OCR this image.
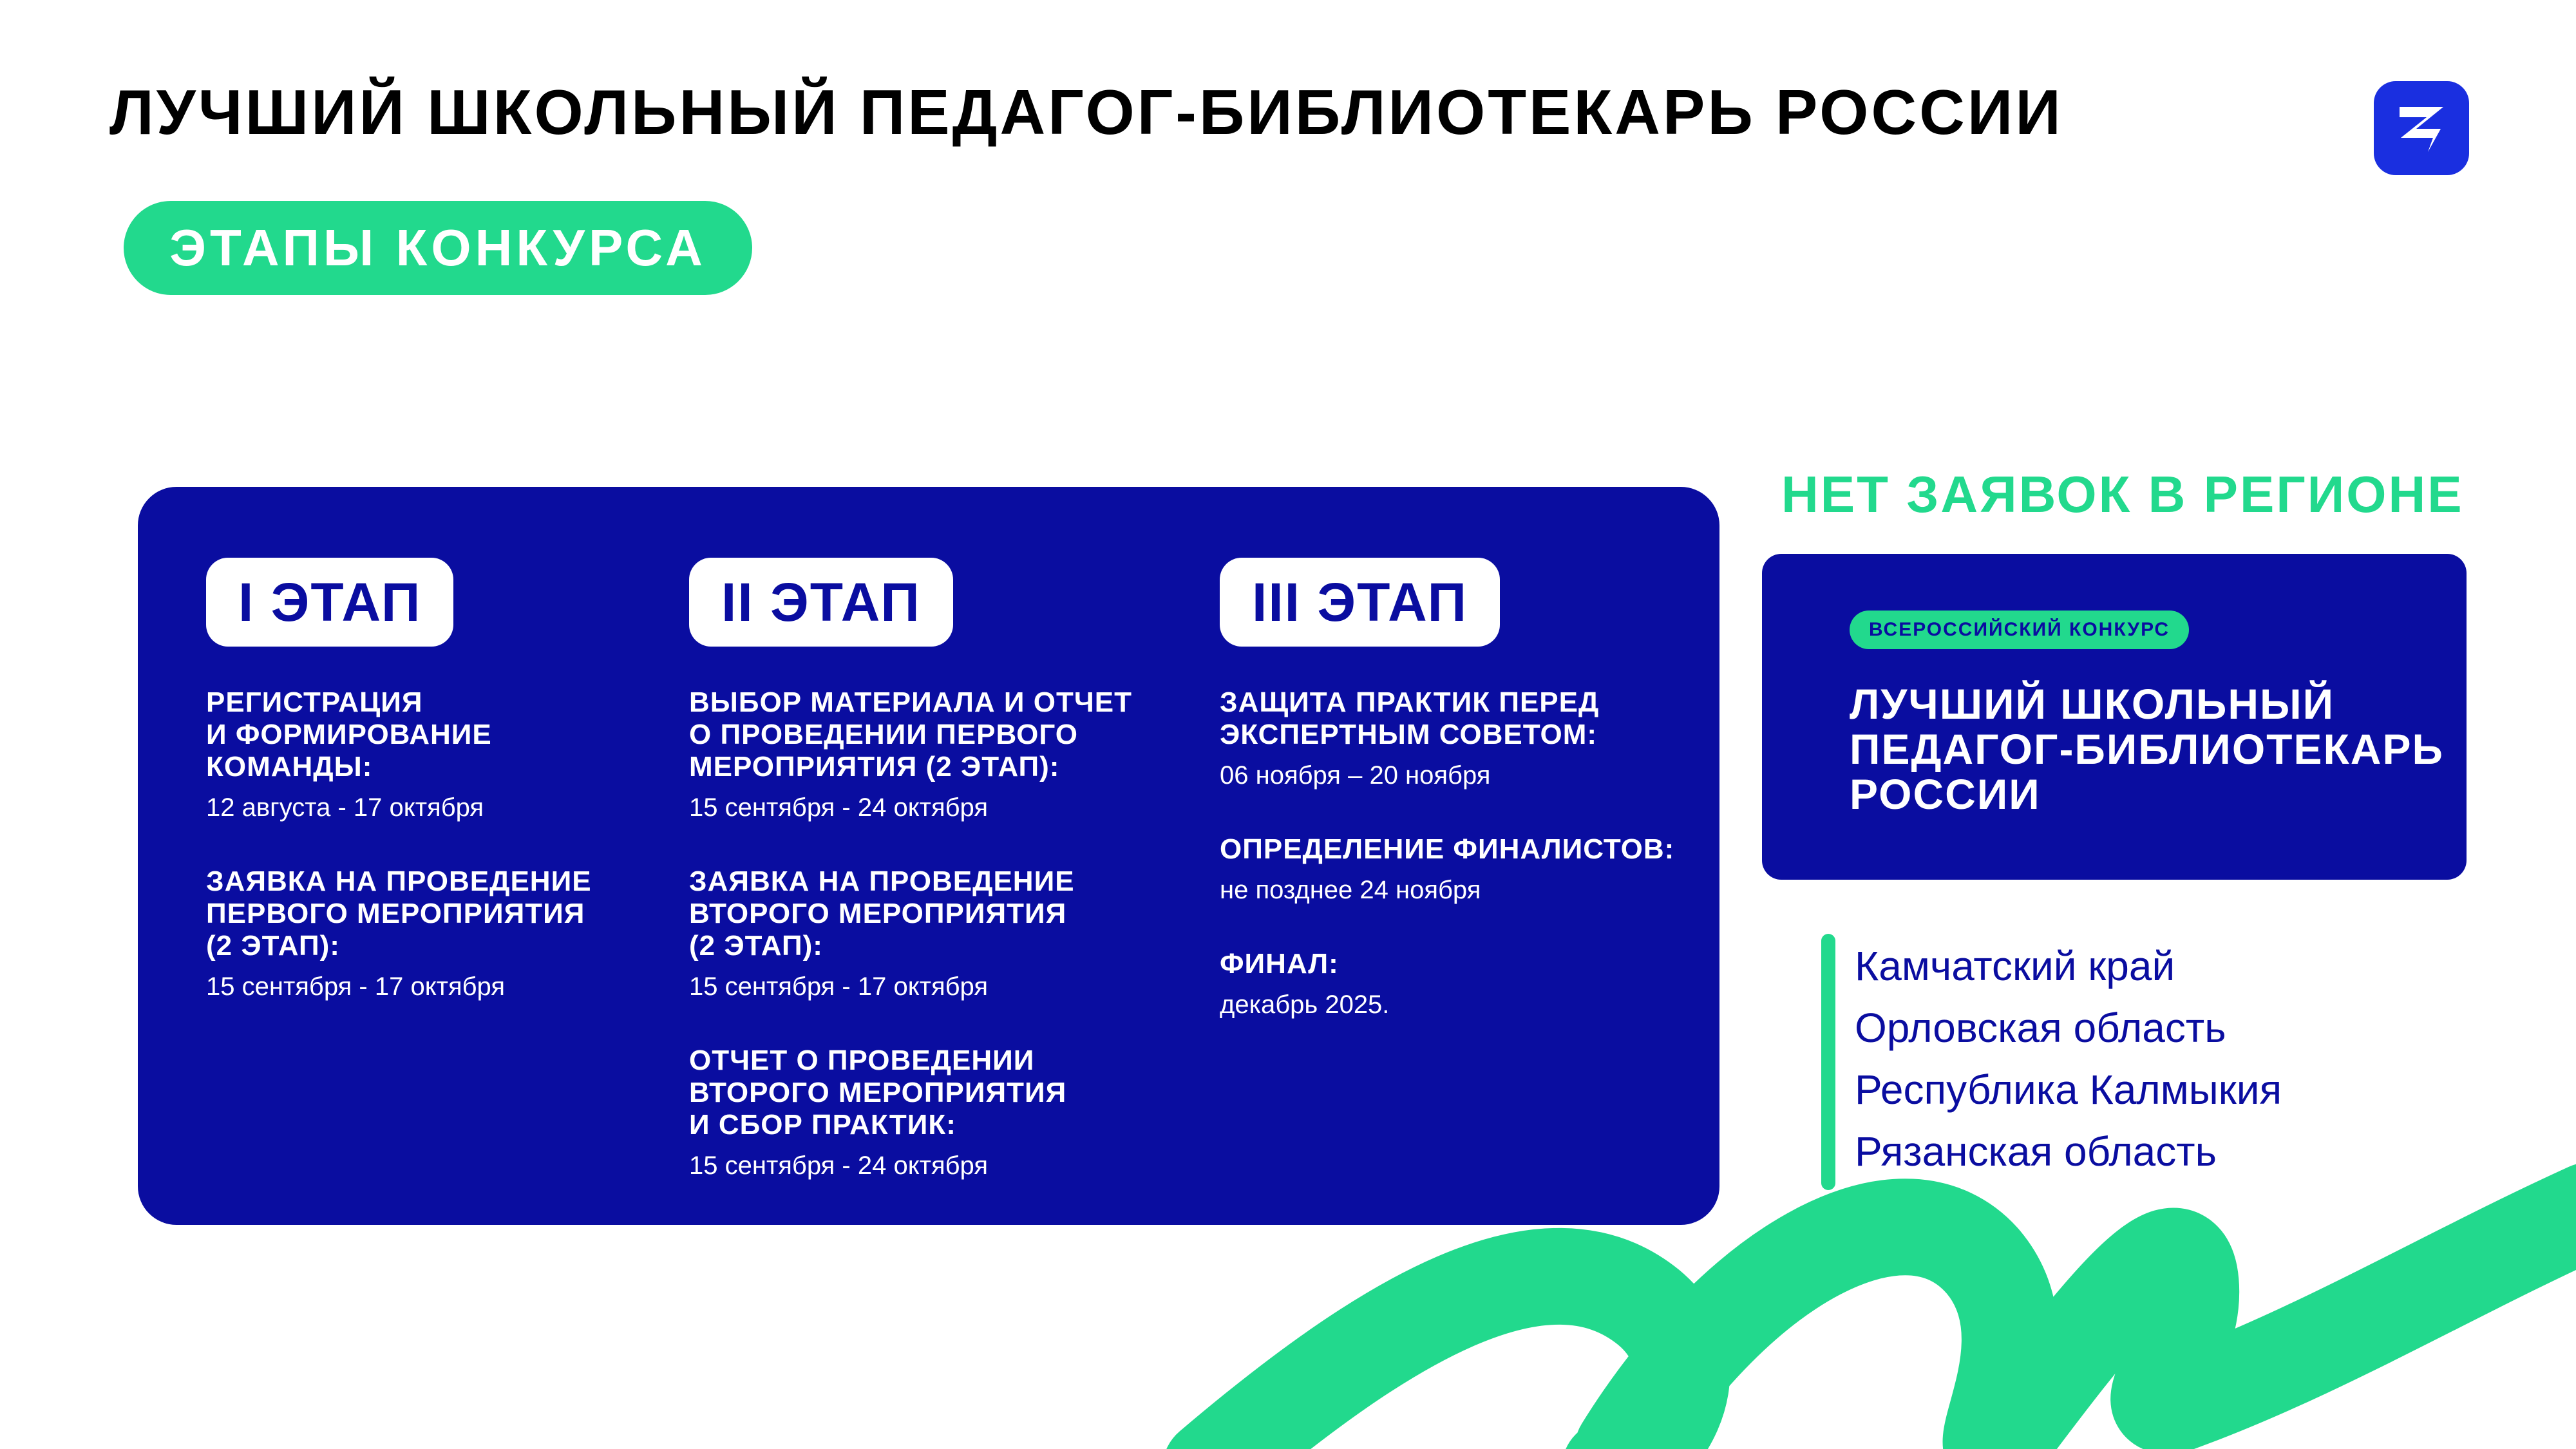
ЛУЧШИЙ ШКОЛЬНЫЙ ПЕДАГОГ-БИБЛИОТЕКАРЬ РОССИИ
ЭТАПЫ КОНКУРСА
I ЭТАП
РЕГИСТРАЦИЯ
И ФОРМИРОВАНИЕ
КОМАНДЫ:
12 августа - 17 октября
ЗАЯВКА НА ПРОВЕДЕНИЕ
ПЕРВОГО МЕРОПРИЯТИЯ
(2 ЭТАП):
15 сентября - 17 октября
II ЭТАП
ВЫБОР МАТЕРИАЛА И ОТЧЕТ
О ПРОВЕДЕНИИ ПЕРВОГО
МЕРОПРИЯТИЯ (2 ЭТАП):
15 сентября - 24 октября
ЗАЯВКА НА ПРОВЕДЕНИЕ
ВТОРОГО МЕРОПРИЯТИЯ
(2 ЭТАП):
15 сентября - 17 октября
ОТЧЕТ О ПРОВЕДЕНИИ
ВТОРОГО МЕРОПРИЯТИЯ
И СБОР ПРАКТИК:
15 сентября - 24 октября
III ЭТАП
ЗАЩИТА ПРАКТИК ПЕРЕД
ЭКСПЕРТНЫМ СОВЕТОМ:
06 ноября – 20 ноября
ОПРЕДЕЛЕНИЕ ФИНАЛИСТОВ:
не позднее 24 ноября
ФИНАЛ:
декабрь 2025.
НЕТ ЗАЯВОК В РЕГИОНЕ
ВСЕРОССИЙСКИЙ КОНКУРС
ЛУЧШИЙ ШКОЛЬНЫЙ
ПЕДАГОГ-БИБЛИОТЕКАРЬ
РОССИИ
Камчатский край
Орловская область
Республика Калмыкия
Рязанская область
